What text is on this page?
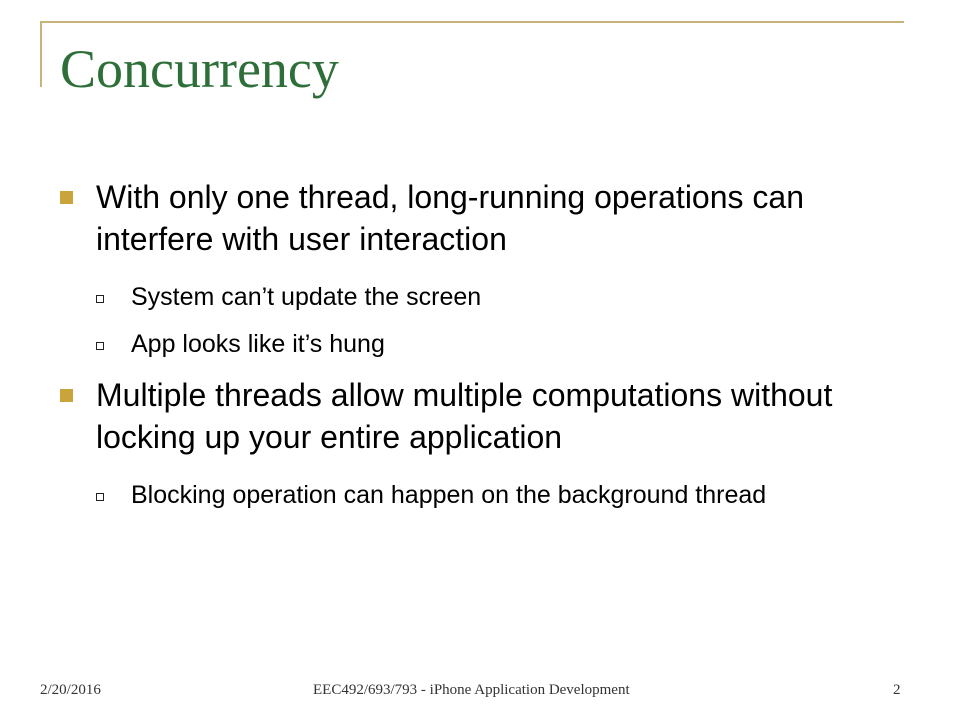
Concurrency
With only one thread, long-running operations can interfere with user interaction
System can’t update the screen
App looks like it’s hung
Multiple threads allow multiple computations without locking up your entire application
Blocking operation can happen on the background thread
2/20/2016	EEC492/693/793 - iPhone Application Development	2
